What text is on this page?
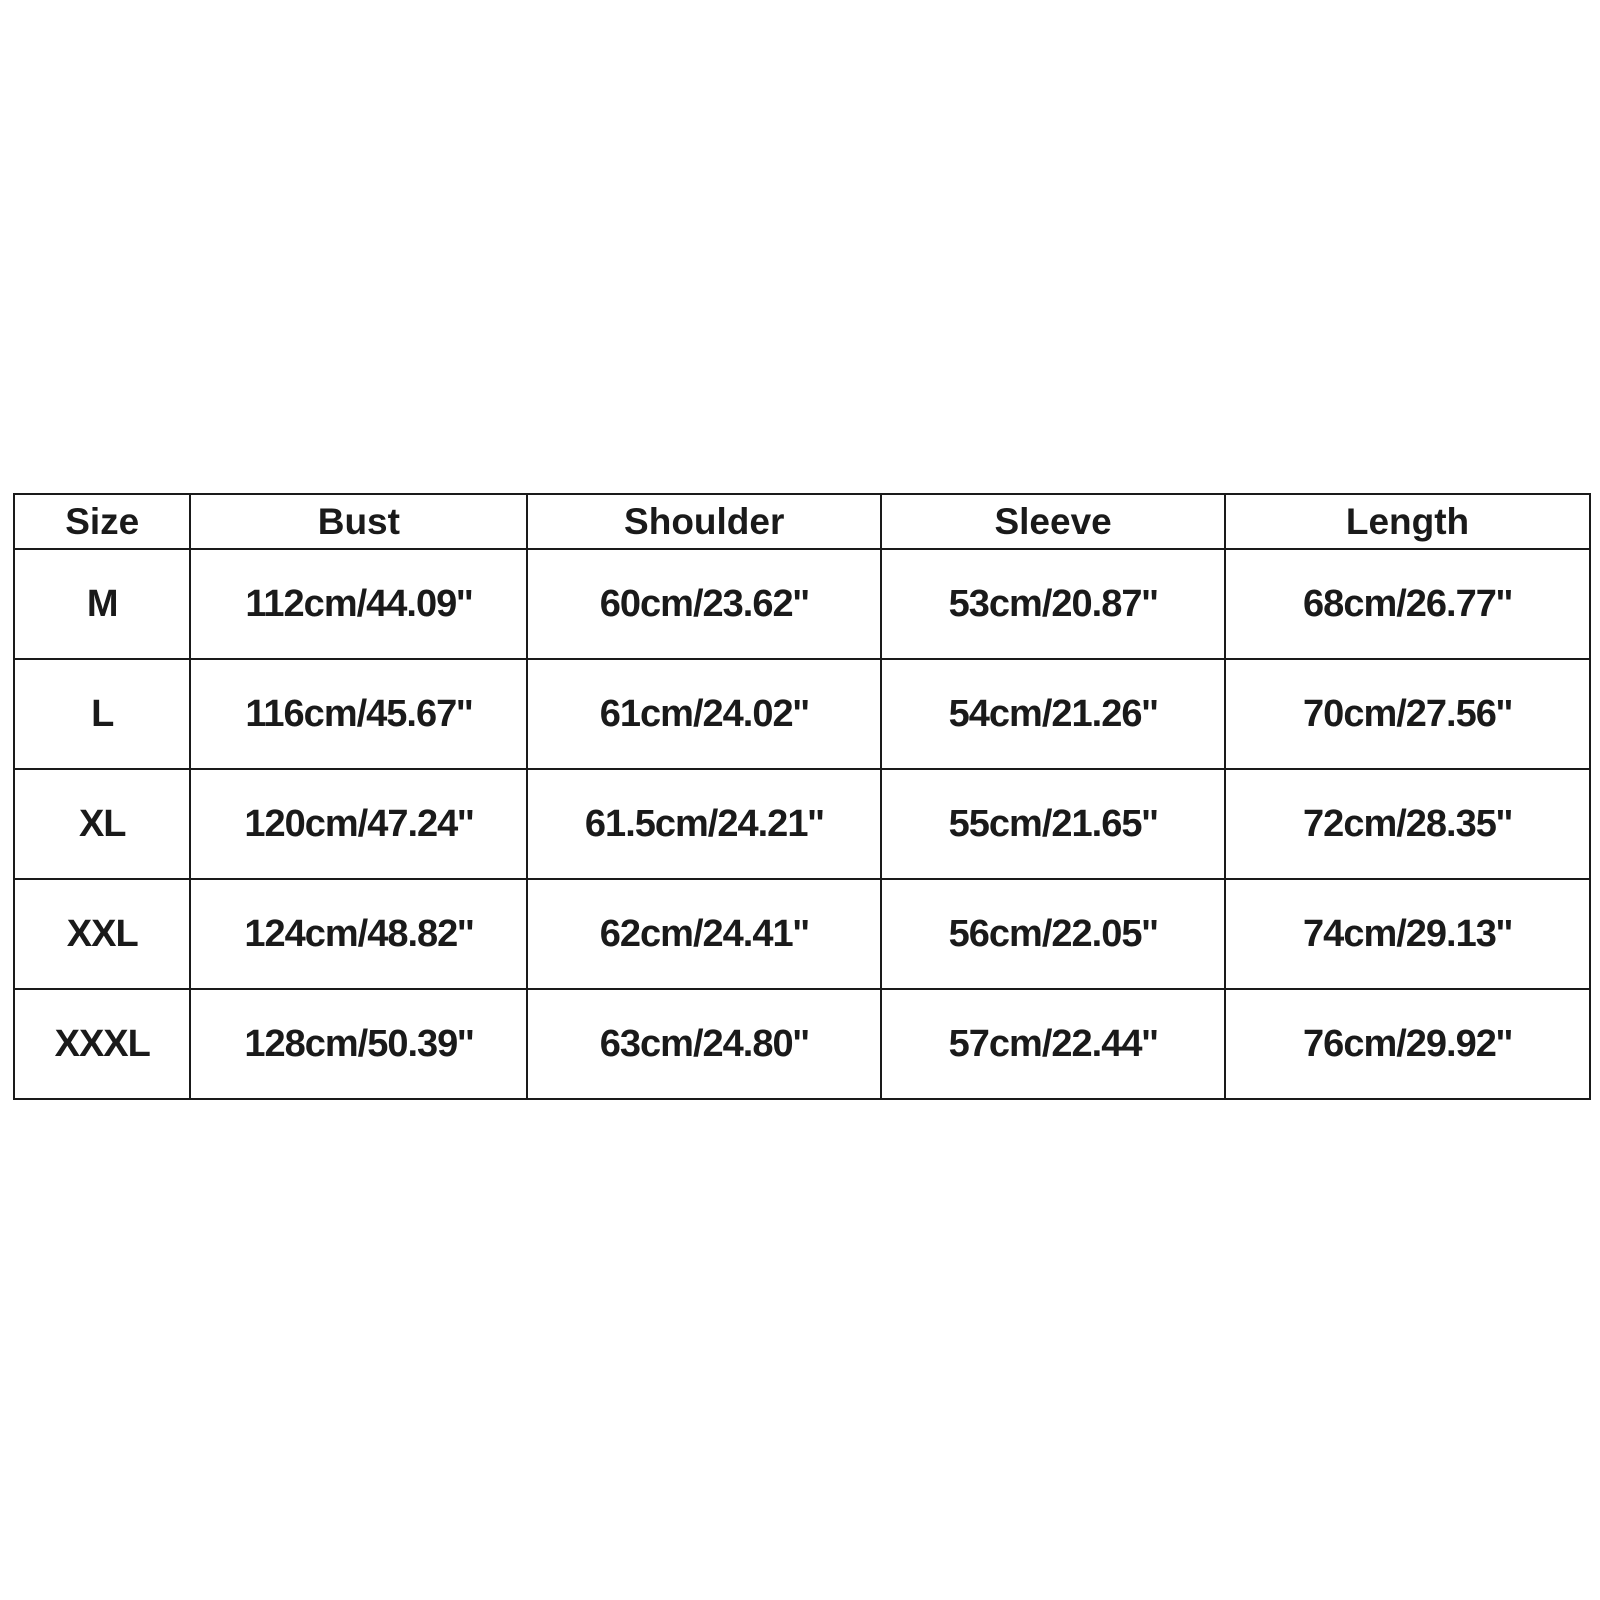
Size	Bust	Shoulder	Sleeve	Length
M	112cm/44.09''	60cm/23.62''	53cm/20.87''	68cm/26.77''
L	116cm/45.67''	61cm/24.02''	54cm/21.26''	70cm/27.56''
XL	120cm/47.24''	61.5cm/24.21''	55cm/21.65''	72cm/28.35''
XXL	124cm/48.82''	62cm/24.41''	56cm/22.05''	74cm/29.13''
XXXL	128cm/50.39''	63cm/24.80''	57cm/22.44''	76cm/29.92''
